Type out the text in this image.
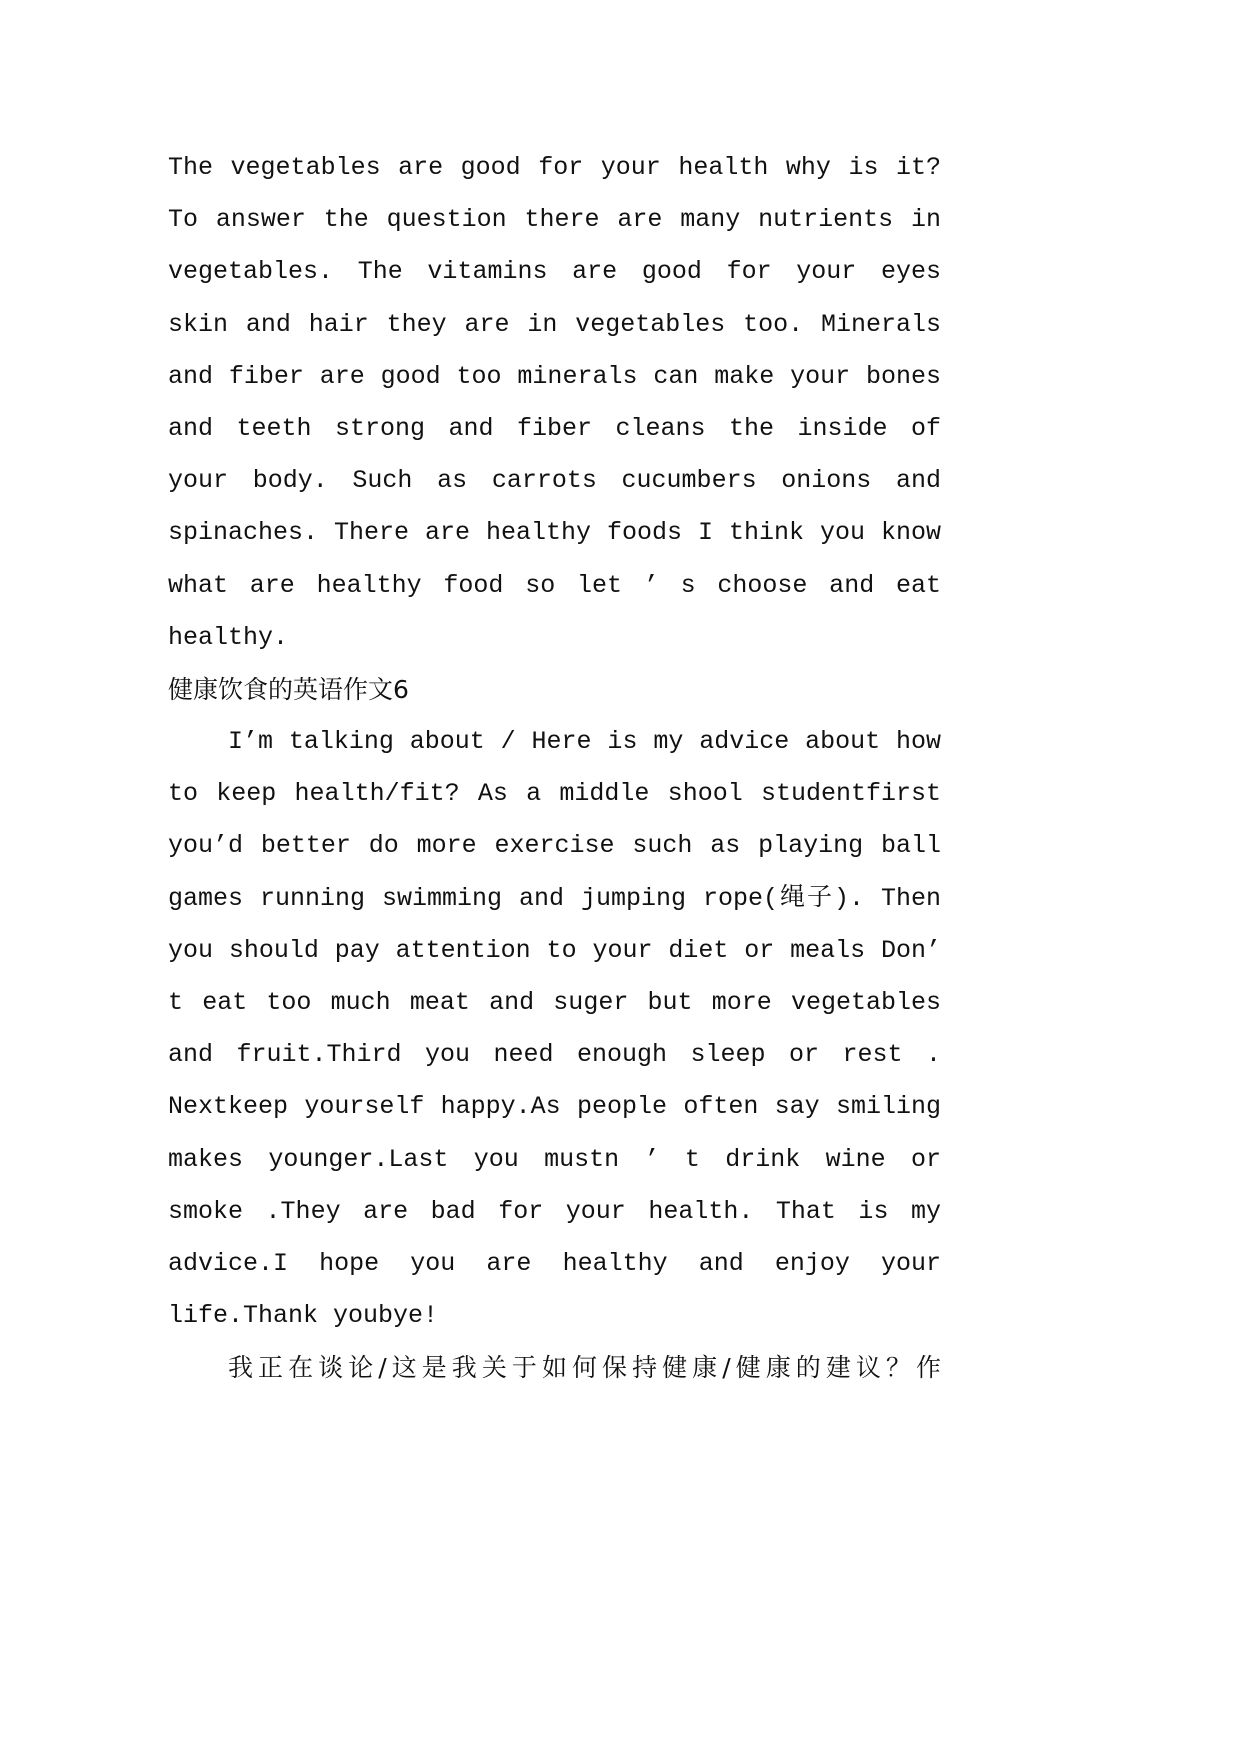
The vegetables are good for your health why is it?
To answer the question there are many nutrients in
vegetables. The vitamins are good for your eyes
skin and hair they are in vegetables too. Minerals
and fiber are good too minerals can make your bones
and teeth strong and fiber cleans the inside of
your body. Such as carrots cucumbers onions and
spinaches. There are healthy foods I think you know
what are healthy food so let ’ s choose and eat
healthy.
健康饮食的英语作文6
I’m talking about / Here is my advice about how
to keep health/fit? As a middle shool studentfirst
you’d better do more exercise such as playing ball
games running swimming and jumping rope(绳子). Then
you should pay attention to your diet or meals Don’
t eat too much meat and suger but more vegetables
and fruit.Third you need enough sleep or rest .
Nextkeep yourself happy.As people often say smiling
makes younger.Last you mustn ’ t drink wine or
smoke .They are bad for your health. That is my
advice.I hope you are healthy and enjoy your
life.Thank youbye!
我正在谈论/这是我关于如何保持健康/健康的建议？作
